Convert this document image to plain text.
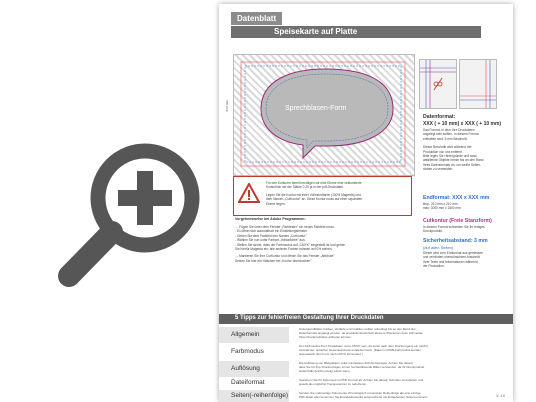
Datenblatt
Speisekarte auf Platte
Sprechblasen-Form
XXX mm
Datenformat:
XXX ( + 10 mm) x XXX ( + 10 mm)
Das Format, in dem Ihre Druckdaten
angelegt sein sollten. In diesem Format
enthalten sind: 5 mm Beschnitt.
Dieser Beschnitt wird während der
Produktion von uns entfernt.
Bitte legen Sie Hintergründe und rand-
abfallende Objekte immer bis an den Rand
Ihres Datenformats an, um weiße Seiten-
ränder zu vermeiden.
Endformat: XXX x XXX mm
Bsp.: 210 mm x 210 mm
max: 3000 mm x 1500 mm
Cutkontur (Freie Stanzform)
In diesem Format schneiden Sie Ihr fertiges
Druckprodukt.
Sicherheitsabstand: 3 mm
(auf allen Seiten)
Dieser wird vom Endformat aus gemessen
und verhindert unerwünschten Anschnitt
Ihrer Texte und Informationen während
der Produktion.
Für den Konturen bereit benötigen wir eine Ebene eine vektorisierte
Konturlinie mit der Stärke 0,25 pt in der pdf-Druckdatei.
Legen Sie die Kontur mit einer Vollmondfarbe (100% Magenta) und
dem Namen „CutKontur" an. Diese Kontur muss auf einer separaten
Ebene liegen.
Vorgehensweise bei Adobe Programmen:
→ Fügen Sie unter dem Fenster „Farbfelder" ein neues Farbfeld hinzu.
- Es öffnet sich automatisch ein Einstellungsfenster.
- Geben Sie dem Farbfeld den Namen „CutKontur".
- Wählen Sie nun unter Farbart „Volltonfarbe" aus.
- Stellen Sie sicher, dass der Farbmodus auf „CMYK" eingestellt ist und geben
Sie hierfür Magenta ein, alle anderen Farben müssen auf 0% stehen.
→ Markieren Sie Ihre CutKontur und öffnen Sie das Fenster „Attribute".
Setzen Sie hier ein Häkchen bei „Kontur überdrucken".
5 Tipps zur fehlerfreien Gestaltung Ihrer Druckdaten
Allgemein
Hintergrundbilder, Farben, Verläufe und Grafiken sollten unbedingt bis an den Rand des
Datenformats angelegt werden, da produktionstechnisch kleinere Toleranzen beim Schneiden
Ihres Druckproduktes auftreten können.
Farbmodus
Der Farbmodus Ihrer Druckdaten muss CMYK sein, da sonst nach dem Druckvorgang ein (leicht)
veränderter, optischer Gesamteindruck entstehen kann. (Daten im RGB-Farbmodus werden
automatisch durch uns nach CMYK konvertiert.)
Auflösung
Die Auflösung von Bildgrafiken sollte mindestens 300 dpi betragen. Achten Sie darauf,
dass Sie für Ihre Druckvorlagen immer hochauflösende Bilder verwenden, da Ihr Druckprodukt
andernfalls (leicht) pixelig wirken kann.
Dateiformat	Speichern Sie Ihr Dokument im PDF-Format ab. Achten Sie darauf, Schriften einzubetten und
jeweils als möglichst Transparenzen zu reduzieren.
Seiten(-reihenfolge)	Senden Sie mehrseitige Dokumente chronologisch in korrekter Reihenfolge als eine einzige
PDF-Datei oder benennen Sie Einzeldokumente entsprechend mit fortlaufenden Seitennummern.	V. 1.0
